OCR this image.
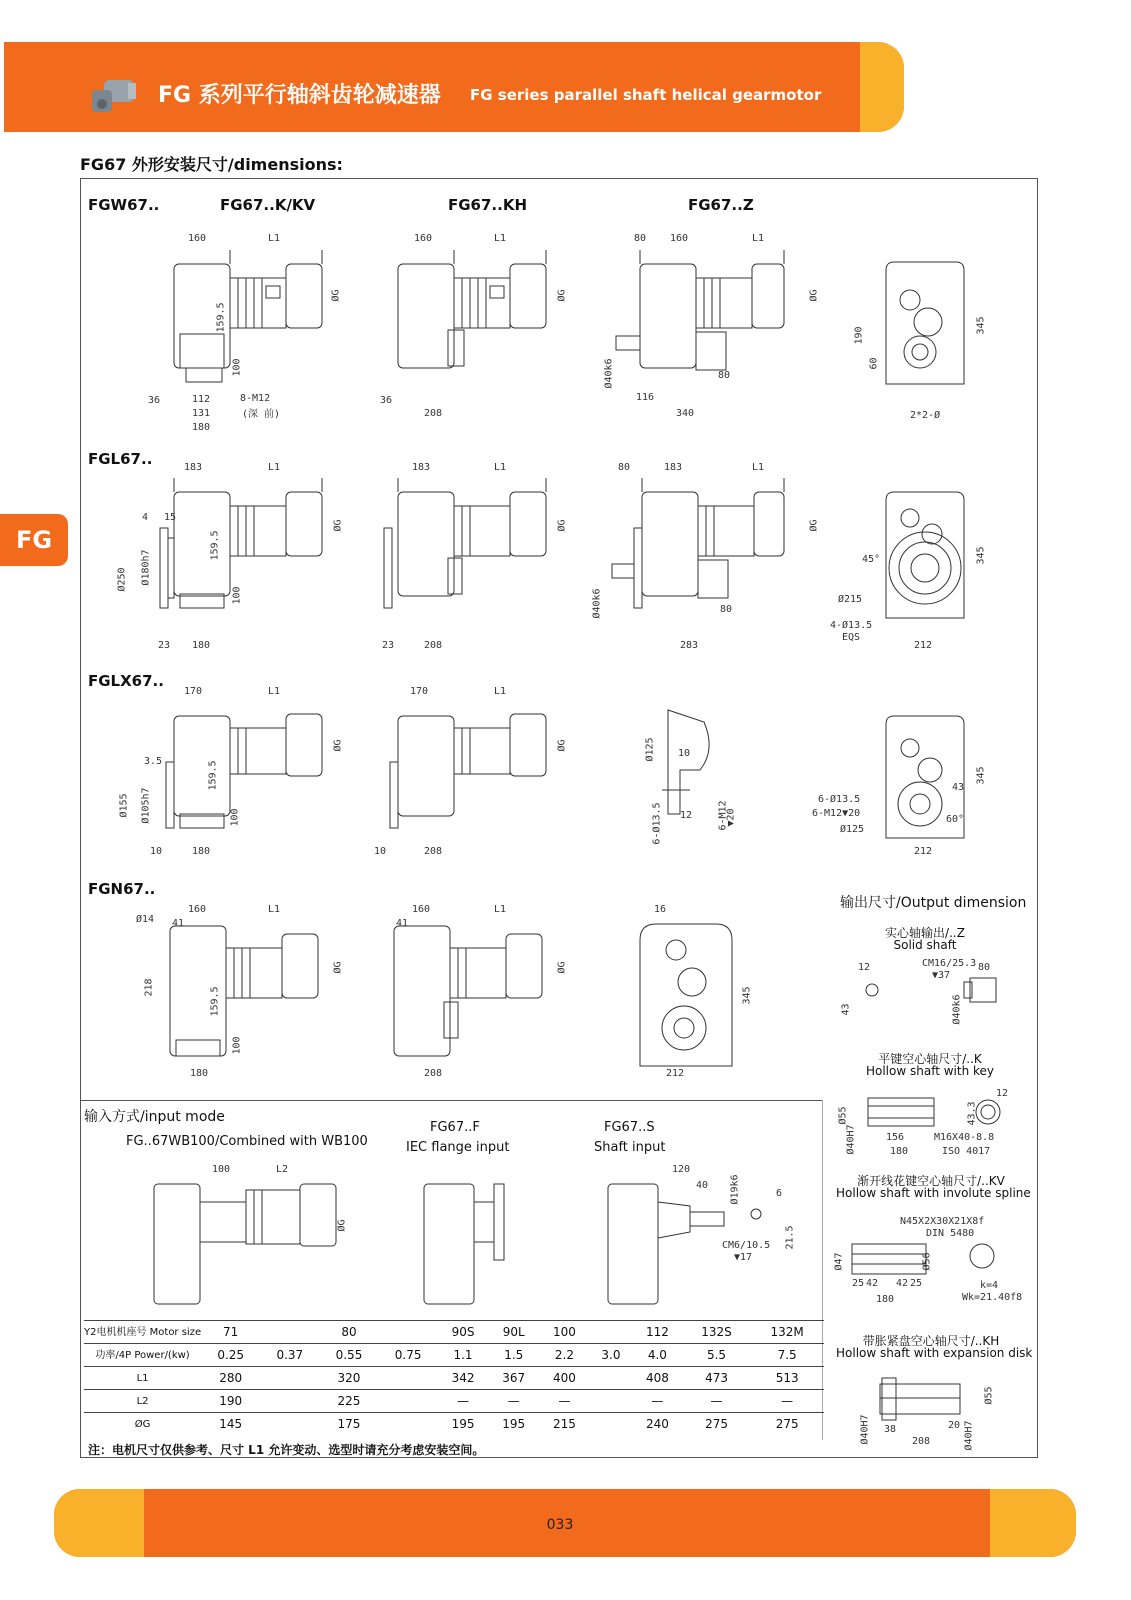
FG 系列平行轴斜齿轮减速器 FG series parallel shaft helical gearmotor
FG67 外形安装尺寸/dimensions:
FG
FGW67..	FG67..K/KV	FG67..KH	FG67..Z
FGL67..
FGLX67..
FGN67..
160	L1
159.5
100
ØG
36	112
131
180
8-M12
(深 前)
160	L1
ØG
36
208
80 160	L1
ØG
Ø40k6
116
340
80
190
60
345
2*2-Ø
183	L1
4 15
Ø250 Ø180h7
159.5
100
ØG
23 180
183	L1
ØG
23	208
80	183	L1
ØG
Ø40k6
283
80
45°
Ø215
4-Ø13.5
EQS
345
212
170	L1
3.5
Ø155 Ø105h7
159.5
100
ØG
10	180
170	L1
ØG
10	208
Ø125 10
12
6-Ø13.5	6-M12
▼20
6-Ø13.5
6-M12▼20
Ø125
43
60°
345
212
160	L1
Ø14 41
218	159.5
100
ØG
180
160	L1
41
ØG
208
16
345
212
输出尺寸/Output dimension
实心轴输出/..Z
Solid shaft
12	CM16/25.3
▼37
80
43	Ø40k6
平键空心轴尺寸/..K
Hollow shaft with key
Ø55
Ø40H7	156
180
M16X40-8.8
ISO 4017
43.3
12
渐开线花键空心轴尺寸/..KV
Hollow shaft with involute spline
N45X2X30X21X8f
DIN 5480
Ø47	Ø56
25 42 42 25
180
k=4
Wk=21.40f8
带胀紧盘空心轴尺寸/..KH
Hollow shaft with expansion disk
Ø40H7 38
208
20 Ø40H7
Ø55
输入方式/input mode
FG..67WB100/Combined with WB100
FG67..F
IEC flange input
FG67..S
Shaft input
100	L2
ØG
120
40 Ø19k6	6
21.5
CM6/10.5
▼17
Y2电机机座号 Motor size	71		80		90S	90L	100		112	132S	132M
功率/4P Power/(kw)	0.25	0.37	0.55	0.75	1.1	1.5	2.2	3.0	4.0	5.5	7.5
L1	280		320		342	367	400		408	473	513
L2	190		225		—	—	—		—	—	—
ØG	145		175		195	195	215		240	275	275
注：电机尺寸仅供参考、尺寸 L1 允许变动、选型时请充分考虑安装空间。
033
